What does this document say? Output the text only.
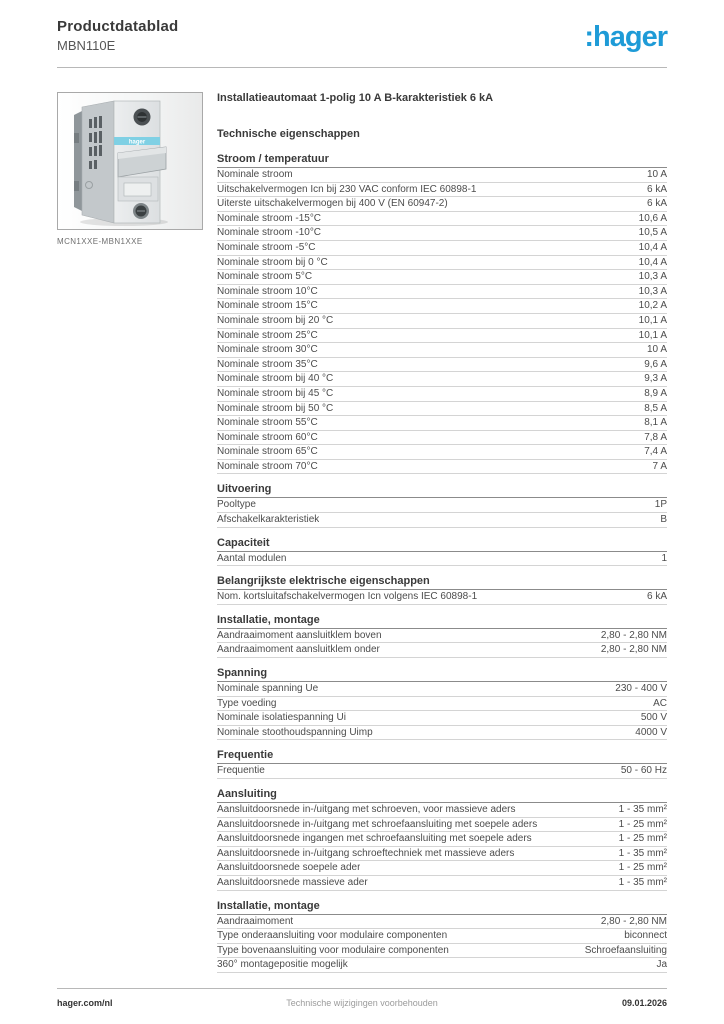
Productdatablad
MBN110E	:hager
hager
MCN1XXE-MBN1XXE
Installatieautomaat 1-polig 10 A B-karakteristiek 6 kA
Technische eigenschappen
Stroom / temperatuur
Nominale stroom	10 A
Uitschakelvermogen Icn bij 230 VAC conform IEC 60898-1	6 kA
Uiterste uitschakelvermogen bij 400 V (EN 60947-2)	6 kA
Nominale stroom -15°C	10,6 A
Nominale stroom -10°C	10,5 A
Nominale stroom -5°C	10,4 A
Nominale stroom bij 0 °C	10,4 A
Nominale stroom 5°C	10,3 A
Nominale stroom 10°C	10,3 A
Nominale stroom 15°C	10,2 A
Nominale stroom bij 20 °C	10,1 A
Nominale stroom 25°C	10,1 A
Nominale stroom 30°C	10 A
Nominale stroom 35°C	9,6 A
Nominale stroom bij 40 °C	9,3 A
Nominale stroom bij 45 °C	8,9 A
Nominale stroom bij 50 °C	8,5 A
Nominale stroom 55°C	8,1 A
Nominale stroom 60°C	7,8 A
Nominale stroom 65°C	7,4 A
Nominale stroom 70°C	7 A
Uitvoering
Pooltype	1P
Afschakelkarakteristiek	B
Capaciteit
Aantal modulen	1
Belangrijkste elektrische eigenschappen
Nom. kortsluitafschakelvermogen Icn volgens IEC 60898-1	6 kA
Installatie, montage
Aandraaimoment aansluitklem boven	2,80 - 2,80 NM
Aandraaimoment aansluitklem onder	2,80 - 2,80 NM
Spanning
Nominale spanning Ue	230 - 400 V
Type voeding	AC
Nominale isolatiespanning Ui	500 V
Nominale stoothoudspanning Uimp	4000 V
Frequentie
Frequentie	50 - 60 Hz
Aansluiting
Aansluitdoorsnede in-/uitgang met schroeven, voor massieve aders	1 - 35 mm²
Aansluitdoorsnede in-/uitgang met schroefaansluiting met soepele aders	1 - 25 mm²
Aansluitdoorsnede ingangen met schroefaansluiting met soepele aders	1 - 25 mm²
Aansluitdoorsnede in-/uitgang schroeftechniek met massieve aders	1 - 35 mm²
Aansluitdoorsnede soepele ader	1 - 25 mm²
Aansluitdoorsnede massieve ader	1 - 35 mm²
Installatie, montage
Aandraaimoment	2,80 - 2,80 NM
Type onderaansluiting voor modulaire componenten	biconnect
Type bovenaansluiting voor modulaire componenten	Schroefaansluiting
360° montagepositie mogelijk	Ja
hager.com/nl	Technische wijzigingen voorbehouden	09.01.2026
